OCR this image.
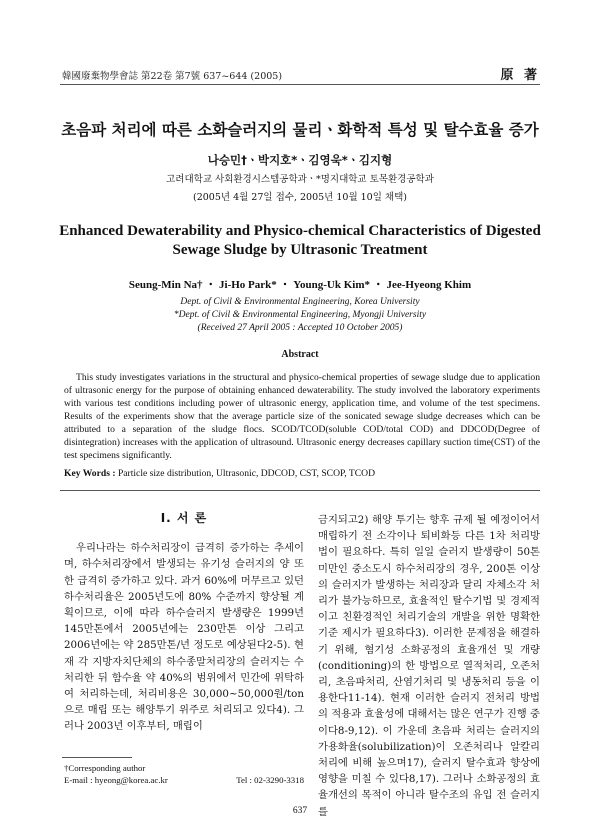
韓國廢棄物學會誌 第22卷 第7號 637~644 (2005)	原 著
초음파 처리에 따른 소화슬러지의 물리ㆍ화학적 특성 및 탈수효율 증가
나승민†ㆍ박지호*ㆍ김영욱*ㆍ김지형
고려대학교 사회환경시스템공학과ㆍ*명지대학교 토목환경공학과
(2005년 4월 27일 접수, 2005년 10월 10일 채택)
Enhanced Dewaterability and Physico-chemical Characteristics of Digested
Sewage Sludge by Ultrasonic Treatment
Seung-Min Na† ・ Ji-Ho Park* ・ Young-Uk Kim* ・ Jee-Hyeong Khim
Dept. of Civil & Environmental Engineering, Korea University
*Dept. of Civil & Environmental Engineering, Myongji University
(Received 27 April 2005 : Accepted 10 October 2005)
Abstract
This study investigates variations in the structural and physico-chemical properties of sewage sludge due to application of ultrasonic energy for the purpose of obtaining enhanced dewaterability. The study involved the laboratory experiments with various test conditions including power of ultrasonic energy, application time, and volume of the test specimens. Results of the experiments show that the average particle size of the sonicated sewage sludge decreases which can be attributed to a separation of the sludge flocs. SCOD/TCOD(soluble COD/total COD) and DDCOD(Degree of disintegration) increases with the application of ultrasound. Ultrasonic energy decreases capillary suction time(CST) of the test specimens significantly.
Key Words : Particle size distribution, Ultrasonic, DDCOD, CST, SCOP, TCOD
I. 서 론

우리나라는 하수처리장이 급격히 증가하는 추세이며, 하수처리장에서 발생되는 유기성 슬러지의 양 또한 급격히 증가하고 있다. 과거 60%에 머무르고 있던 하수처리율은 2005년도에 80% 수준까지 향상될 계획이므로, 이에 따라 하수슬러지 발생량은 1999년 145만톤에서 2005년에는 230만톤 이상 그리고 2006년에는 약 285만톤/년 정도로 예상된다2-5). 현재 각 지방자치단체의 하수종말처리장의 슬러지는 수처리한 뒤 함수율 약 40%의 범위에서 민간에 위탁하여 처리하는데, 처리비용은 30,000~50,000원/ton으로 매립 또는 해양투기 위주로 처리되고 있다4). 그러나 2003년 이후부터, 매립이

금지되고2) 해양 투기는 향후 규제 될 예정이어서 매립하기 전 소각이나 퇴비화등 다른 1차 처리방법이 필요하다. 특히 일일 슬러지 발생량이 50톤 미만인 중소도시 하수처리장의 경우, 200톤 이상의 슬러지가 발생하는 처리장과 달리 자체소각 처리가 불가능하므로, 효율적인 탈수기법 및 경제적이고 친환경적인 처리기술의 개발을 위한 명확한 기준 제시가 필요하다3). 이러한 문제점을 해결하기 위해, 혐기성 소화공정의 효율개선 및 개량(conditioning)의 한 방법으로 열적처리, 오존처리, 초음파처리, 산염기처리 및 냉동처리 등을 이용한다11-14). 현재 이러한 슬러지 전처리 방법의 적용과 효율성에 대해서는 많은 연구가 진행 중이다8-9,12). 이 가운데 초음파 처리는 슬러지의 가용화율(solubilization)이 오존처리나 알칼리 처리에 비해 높으며17), 슬러지 탈수효과 향상에 영향을 미칠 수 있다8,17). 그러나 소화공정의 효율개선의 목적이 아니라 탈수조의 유입 전 슬러지를

†Corresponding author
E-mail : hyeong@korea.ac.kr	Tel : 02-3290-3318
637
